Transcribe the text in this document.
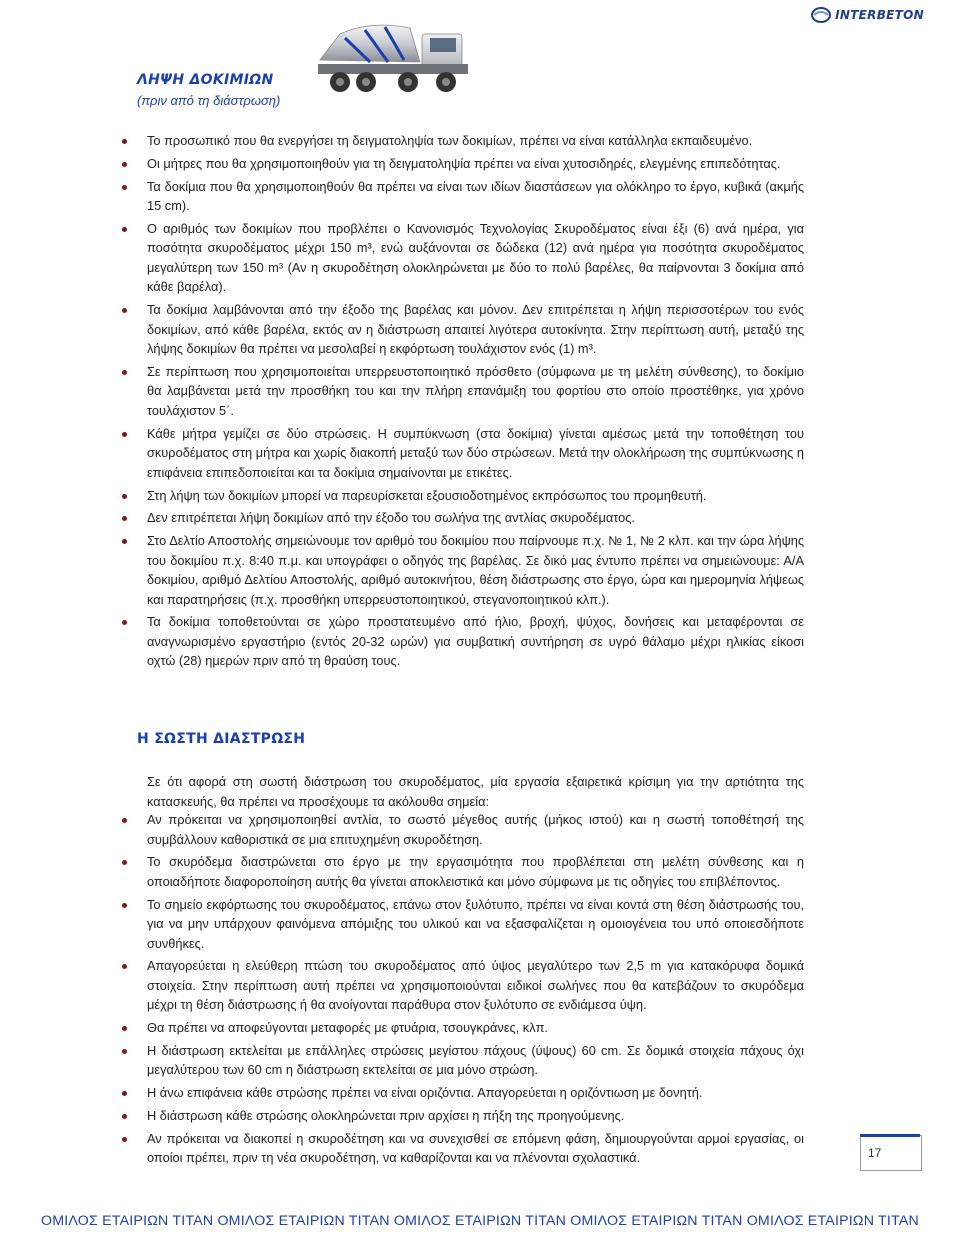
INTERBETON
ΛΗΨΗ ΔΟΚΙΜΙΩΝ
(πριν από τη διάστρωση)
Το προσωπικό που θα ενεργήσει τη δειγματοληψία των δοκιμίων, πρέπει να είναι κατάλληλα εκπαιδευμένο.
Οι μήτρες που θα χρησιμοποιηθούν για τη δειγματοληψία πρέπει να είναι χυτοσιδηρές, ελεγμένης επιπεδότητας.
Τα δοκίμια που θα χρησιμοποιηθούν θα πρέπει να είναι των ιδίων διαστάσεων για ολόκληρο το έργο, κυβικά (ακμής 15 cm).
Ο αριθμός των δοκιμίων που προβλέπει ο Κανονισμός Τεχνολογίας Σκυροδέματος είναι έξι (6) ανά ημέρα, για ποσότητα σκυροδέματος μέχρι 150 m³, ενώ αυξάνονται σε δώδεκα (12) ανά ημέρα για ποσότητα σκυροδέματος μεγαλύτερη των 150 m³ (Αν η σκυροδέτηση ολοκληρώνεται με δύο το πολύ βαρέλες, θα παίρνονται 3 δοκίμια από κάθε βαρέλα).
Τα δοκίμια λαμβάνονται από την έξοδο της βαρέλας και μόνον. Δεν επιτρέπεται η λήψη περισσοτέρων του ενός δοκιμίων, από κάθε βαρέλα, εκτός αν η διάστρωση απαιτεί λιγότερα αυτοκίνητα. Στην περίπτωση αυτή, μεταξύ της λήψης δοκιμίων θα πρέπει να μεσολαβεί η εκφόρτωση τουλάχιστον ενός (1) m³.
Σε περίπτωση που χρησιμοποιείται υπερρευστοποιητικό πρόσθετο (σύμφωνα με τη μελέτη σύνθεσης), το δοκίμιο θα λαμβάνεται μετά την προσθήκη του και την πλήρη επανάμιξη του φορτίου στο οποίο προστέθηκε, για χρόνο τουλάχιστον 5΄.
Κάθε μήτρα γεμίζει σε δύο στρώσεις. Η συμπύκνωση (στα δοκίμια) γίνεται αμέσως μετά την τοποθέτηση του σκυροδέματος στη μήτρα και χωρίς διακοπή μεταξύ των δύο στρώσεων. Μετά την ολοκλήρωση της συμπύκνωσης η επιφάνεια επιπεδοποιείται και τα δοκίμια σημαίνονται με ετικέτες.
Στη λήψη των δοκιμίων μπορεί να παρευρίσκεται εξουσιοδοτημένος εκπρόσωπος του προμηθευτή.
Δεν επιτρέπεται λήψη δοκιμίων από την έξοδο του σωλήνα της αντλίας σκυροδέματος.
Στο Δελτίο Αποστολής σημειώνουμε τον αριθμό του δοκιμίου που παίρνουμε π.χ. № 1, № 2 κλπ. και την ώρα λήψης του δοκιμίου π.χ. 8:40 π.μ. και υπογράφει ο οδηγός της βαρέλας. Σε δικό μας έντυπο πρέπει να σημειώνουμε: Α/Α δοκιμίου, αριθμό Δελτίου Αποστολής, αριθμό αυτοκινήτου, θέση διάστρωσης στο έργο, ώρα και ημερομηνία λήψεως και παρατηρήσεις (π.χ. προσθήκη υπερρευστοποιητικού, στεγανοποιητικού κλπ.).
Τα δοκίμια τοποθετούνται σε χώρο προστατευμένο από ήλιο, βροχή, ψύχος, δονήσεις και μεταφέρονται σε αναγνωρισμένο εργαστήριο (εντός 20-32 ωρών) για συμβατική συντήρηση σε υγρό θάλαμο μέχρι ηλικίας είκοσι οχτώ (28) ημερών πριν από τη θραύση τους.
Η ΣΩΣΤΗ ΔΙΑΣΤΡΩΣΗ
Σε ότι αφορά στη σωστή διάστρωση του σκυροδέματος, μία εργασία εξαιρετικά κρίσιμη για την αρτιότητα της κατασκευής, θα πρέπει να προσέχουμε τα ακόλουθα σημεία:
Αν πρόκειται να χρησιμοποιηθεί αντλία, το σωστό μέγεθος αυτής (μήκος ιστού) και η σωστή τοποθέτησή της συμβάλλουν καθοριστικά σε μια επιτυχημένη σκυροδέτηση.
Το σκυρόδεμα διαστρώνεται στο έργο με την εργασιμότητα που προβλέπεται στη μελέτη σύνθεσης και η οποιαδήποτε διαφοροποίηση αυτής θα γίνεται αποκλειστικά και μόνο σύμφωνα με τις οδηγίες του επιβλέποντος.
Το σημείο εκφόρτωσης του σκυροδέματος, επάνω στον ξυλότυπο, πρέπει να είναι κοντά στη θέση διάστρωσής του, για να μην υπάρχουν φαινόμενα απόμιξης του υλικού και να εξασφαλίζεται η ομοιογένεια του υπό οποιεσδήποτε συνθήκες.
Απαγορεύεται η ελεύθερη πτώση του σκυροδέματος από ύψος μεγαλύτερο των 2,5 m για κατακόρυφα δομικά στοιχεία. Στην περίπτωση αυτή πρέπει να χρησιμοποιούνται ειδικοί σωλήνες που θα κατεβάζουν το σκυρόδεμα μέχρι τη θέση διάστρωσης ή θα ανοίγονται παράθυρα στον ξυλότυπο σε ενδιάμεσα ύψη.
Θα πρέπει να αποφεύγονται μεταφορές με φτυάρια, τσουγκράνες, κλπ.
Η διάστρωση εκτελείται με επάλληλες στρώσεις μεγίστου πάχους (ύψους) 60 cm. Σε δομικά στοιχεία πάχους όχι μεγαλύτερου των 60 cm η διάστρωση εκτελείται σε μια μόνο στρώση.
Η άνω επιφάνεια κάθε στρώσης πρέπει να είναι οριζόντια. Απαγορεύεται η οριζόντιωση με δονητή.
Η διάστρωση κάθε στρώσης ολοκληρώνεται πριν αρχίσει η πήξη της προηγούμενης.
Αν πρόκειται να διακοπεί η σκυροδέτηση και να συνεχισθεί σε επόμενη φάση, δημιουργούνται αρμοί εργασίας, οι οποίοι πρέπει, πριν τη νέα σκυροδέτηση, να καθαρίζονται και να πλένονται σχολαστικά.	17
ΟΜΙΛΟΣ ΕΤΑΙΡΙΩΝ ΤΙΤΑΝ ΟΜΙΛΟΣ ΕΤΑΙΡΙΩΝ ΤΙΤΑΝ ΟΜΙΛΟΣ ΕΤΑΙΡΙΩΝ ΤΙΤΑΝ ΟΜΙΛΟΣ ΕΤΑΙΡΙΩΝ ΤΙΤΑΝ ΟΜΙΛΟΣ ΕΤΑΙΡΙΩΝ ΤΙΤΑΝ
